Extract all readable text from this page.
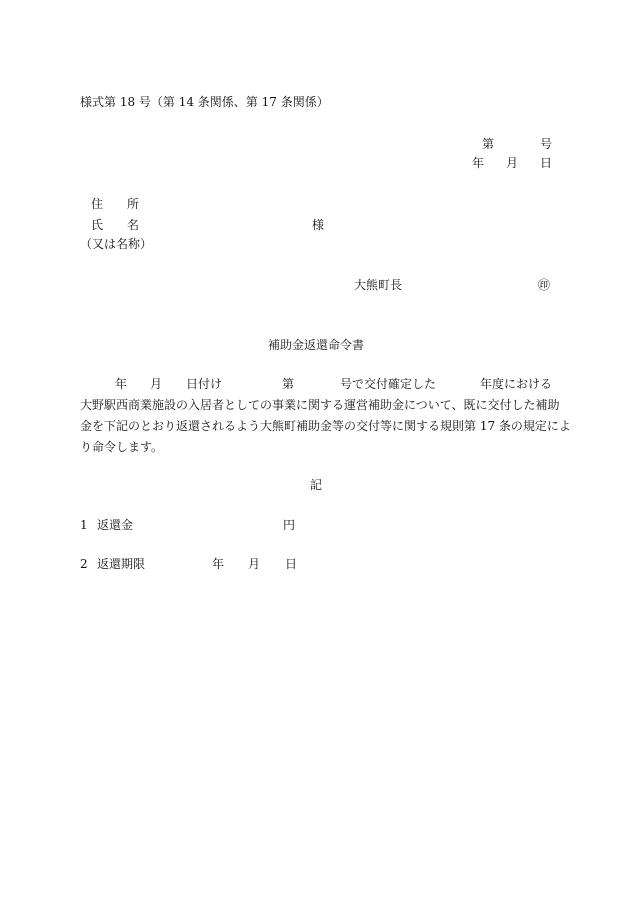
様式第 18 号（第 14 条関係、第 17 条関係）
第	号
年 月 日
住　　所
氏　　名	様
（又は名称）
大熊町長	㊞
補助金返還命令書
年 月 日付け	第	号で交付確定した	年度における
大野駅西商業施設の入居者としての事業に関する運営補助金について、既に交付した補助
金を下記のとおり返還されるよう大熊町補助金等の交付等に関する規則第 17 条の規定によ
り命令します。
記
1 返還金	円
2 返還期限	年 月 日
